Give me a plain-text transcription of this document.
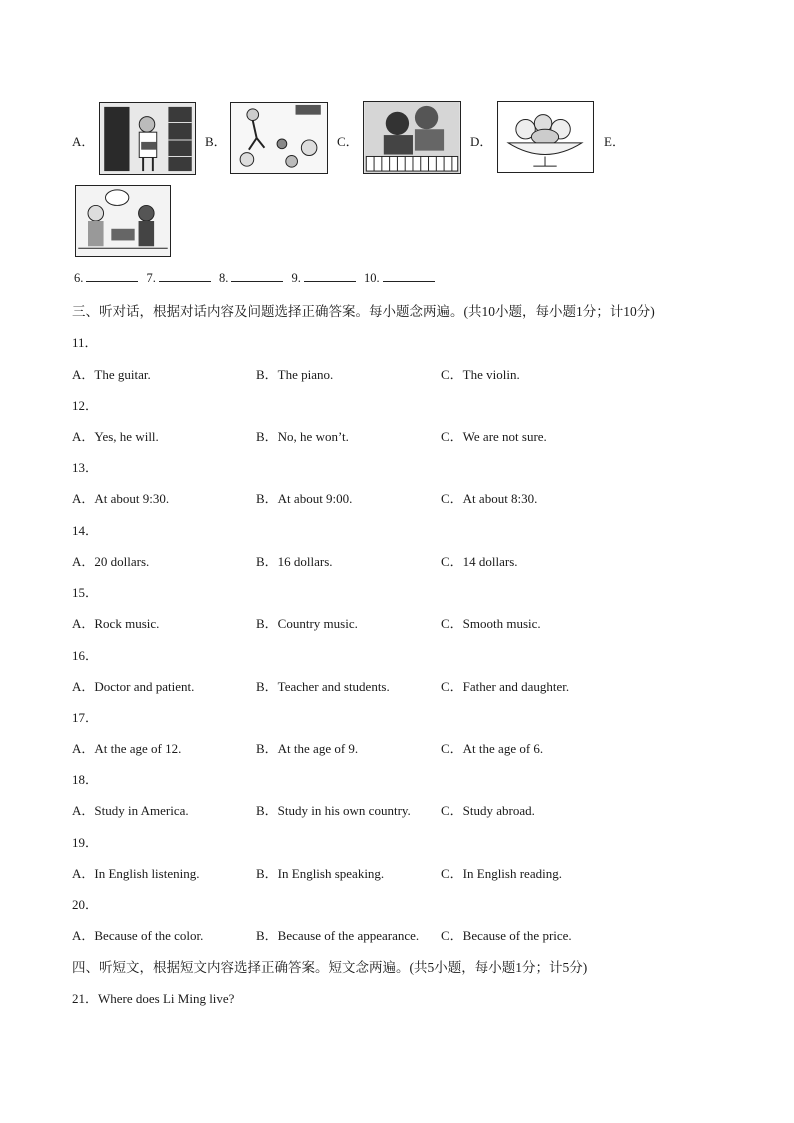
A．	B．	C．	D．	E．
6.	7.	8.	9.	10.
三、听对话，根据对话内容及问题选择正确答案。每小题念两遍。(共10小题，每小题1分；计10分)
11．
A．The guitar.	B．The piano.	C．The violin.
12．
A．Yes, he will.	B．No, he won’t.	C．We are not sure.
13．
A．At about 9:30.	B．At about 9:00.	C．At about 8:30.
14．
A．20 dollars.	B．16 dollars.	C．14 dollars.
15．
A．Rock music.	B．Country music.	C．Smooth music.
16．
A．Doctor and patient.	B．Teacher and students.	C．Father and daughter.
17．
A．At the age of 12.	B．At the age of 9.	C．At the age of 6.
18．
A．Study in America.	B．Study in his own country. C．Study abroad.
19．
A．In English listening.	B．In English speaking.	C．In English reading.
20．
A．Because of the color.	B．Because of the appearance. C．Because of the price.
四、听短文，根据短文内容选择正确答案。短文念两遍。(共5小题，每小题1分；计5分)
21．Where does Li Ming live?
